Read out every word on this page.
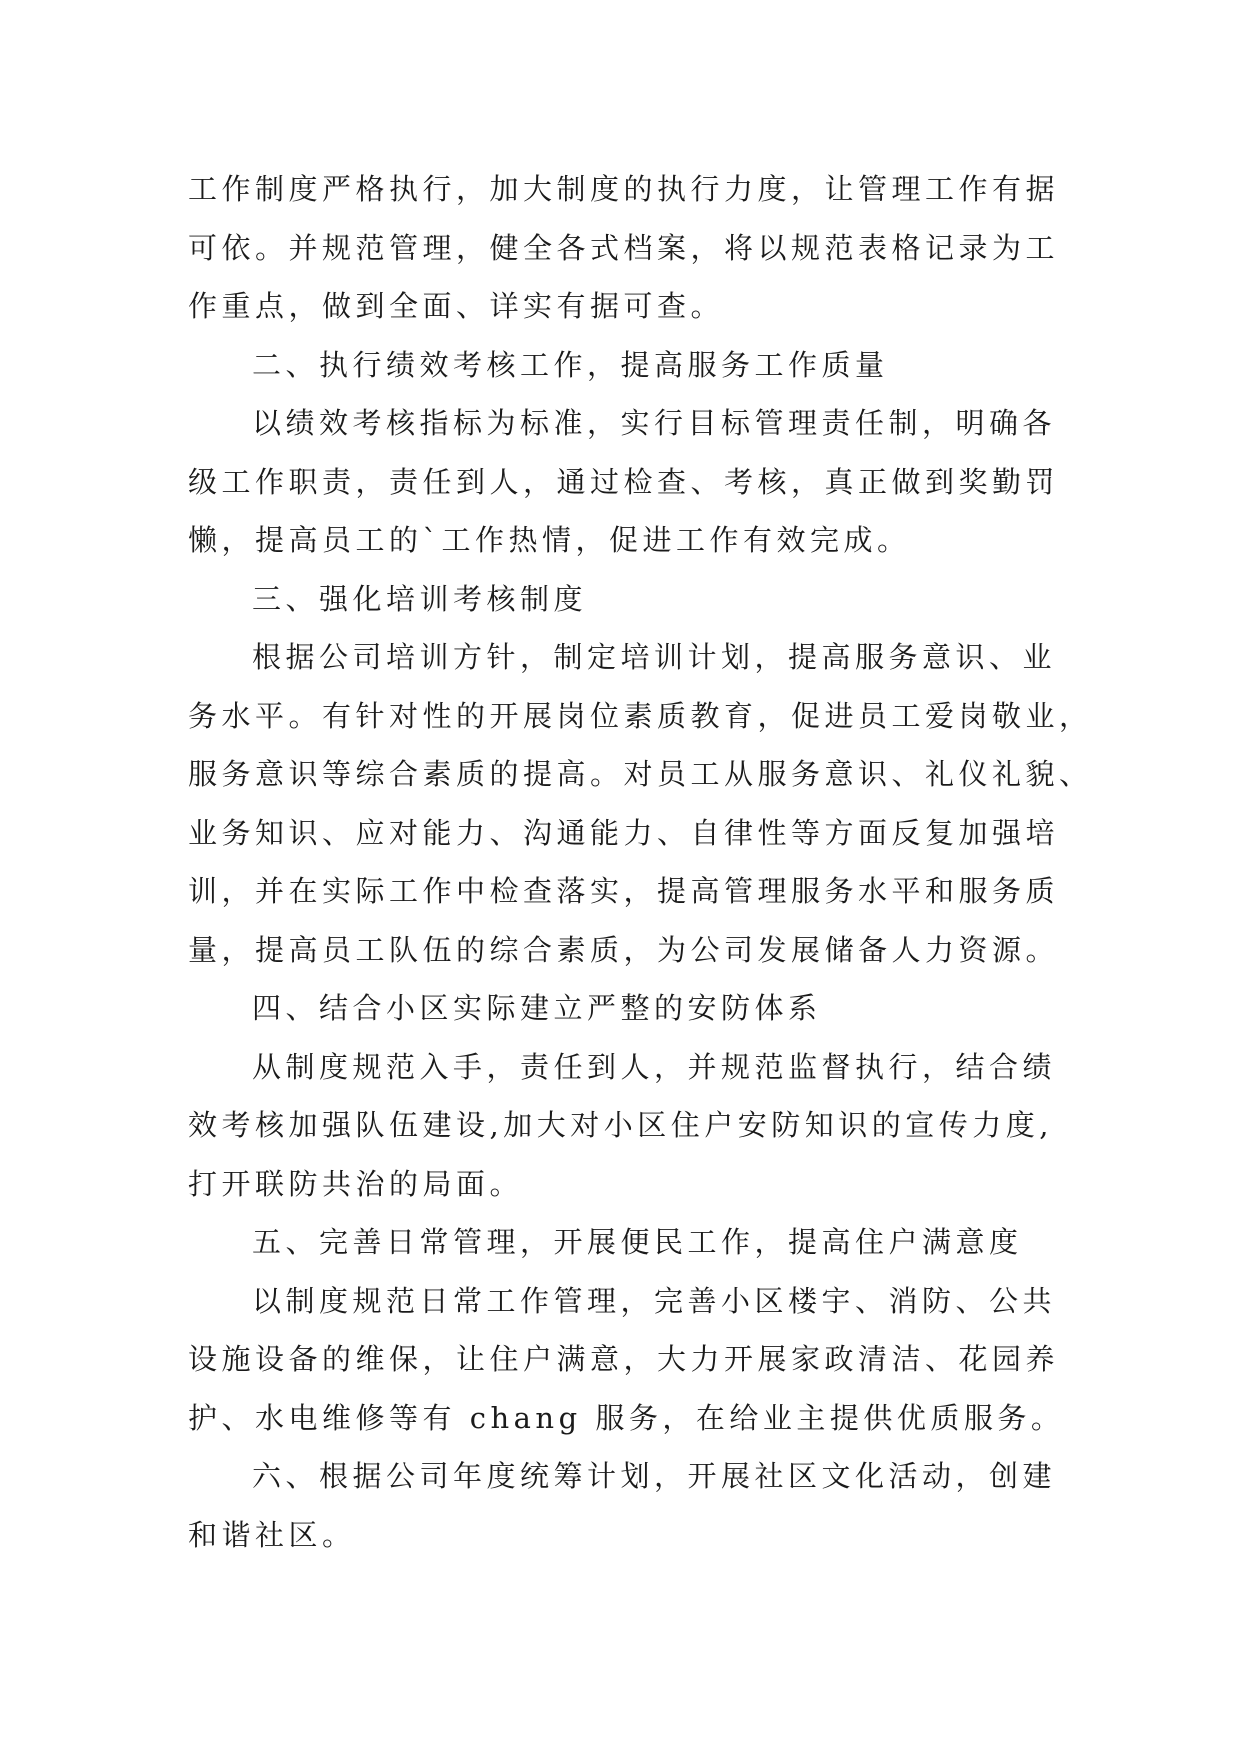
工作制度严格执行，加大制度的执行力度，让管理工作有据
可依。并规范管理，健全各式档案，将以规范表格记录为工
作重点，做到全面、详实有据可查。

二、执行绩效考核工作，提高服务工作质量

以绩效考核指标为标准，实行目标管理责任制，明确各
级工作职责，责任到人，通过检查、考核，真正做到奖勤罚
懒，提高员工的`工作热情，促进工作有效完成。

三、强化培训考核制度

根据公司培训方针，制定培训计划，提高服务意识、业
务水平。有针对性的开展岗位素质教育，促进员工爱岗敬业，
服务意识等综合素质的提高。对员工从服务意识、礼仪礼貌、
业务知识、应对能力、沟通能力、自律性等方面反复加强培
训，并在实际工作中检查落实，提高管理服务水平和服务质
量，提高员工队伍的综合素质，为公司发展储备人力资源。

四、结合小区实际建立严整的安防体系

从制度规范入手，责任到人，并规范监督执行，结合绩
效考核加强队伍建设,加大对小区住户安防知识的宣传力度,
打开联防共治的局面。

五、完善日常管理，开展便民工作，提高住户满意度

以制度规范日常工作管理，完善小区楼宇、消防、公共
设施设备的维保，让住户满意，大力开展家政清洁、花园养
护、水电维修等有 chang 服务，在给业主提供优质服务。

六、根据公司年度统筹计划，开展社区文化活动，创建
和谐社区。
